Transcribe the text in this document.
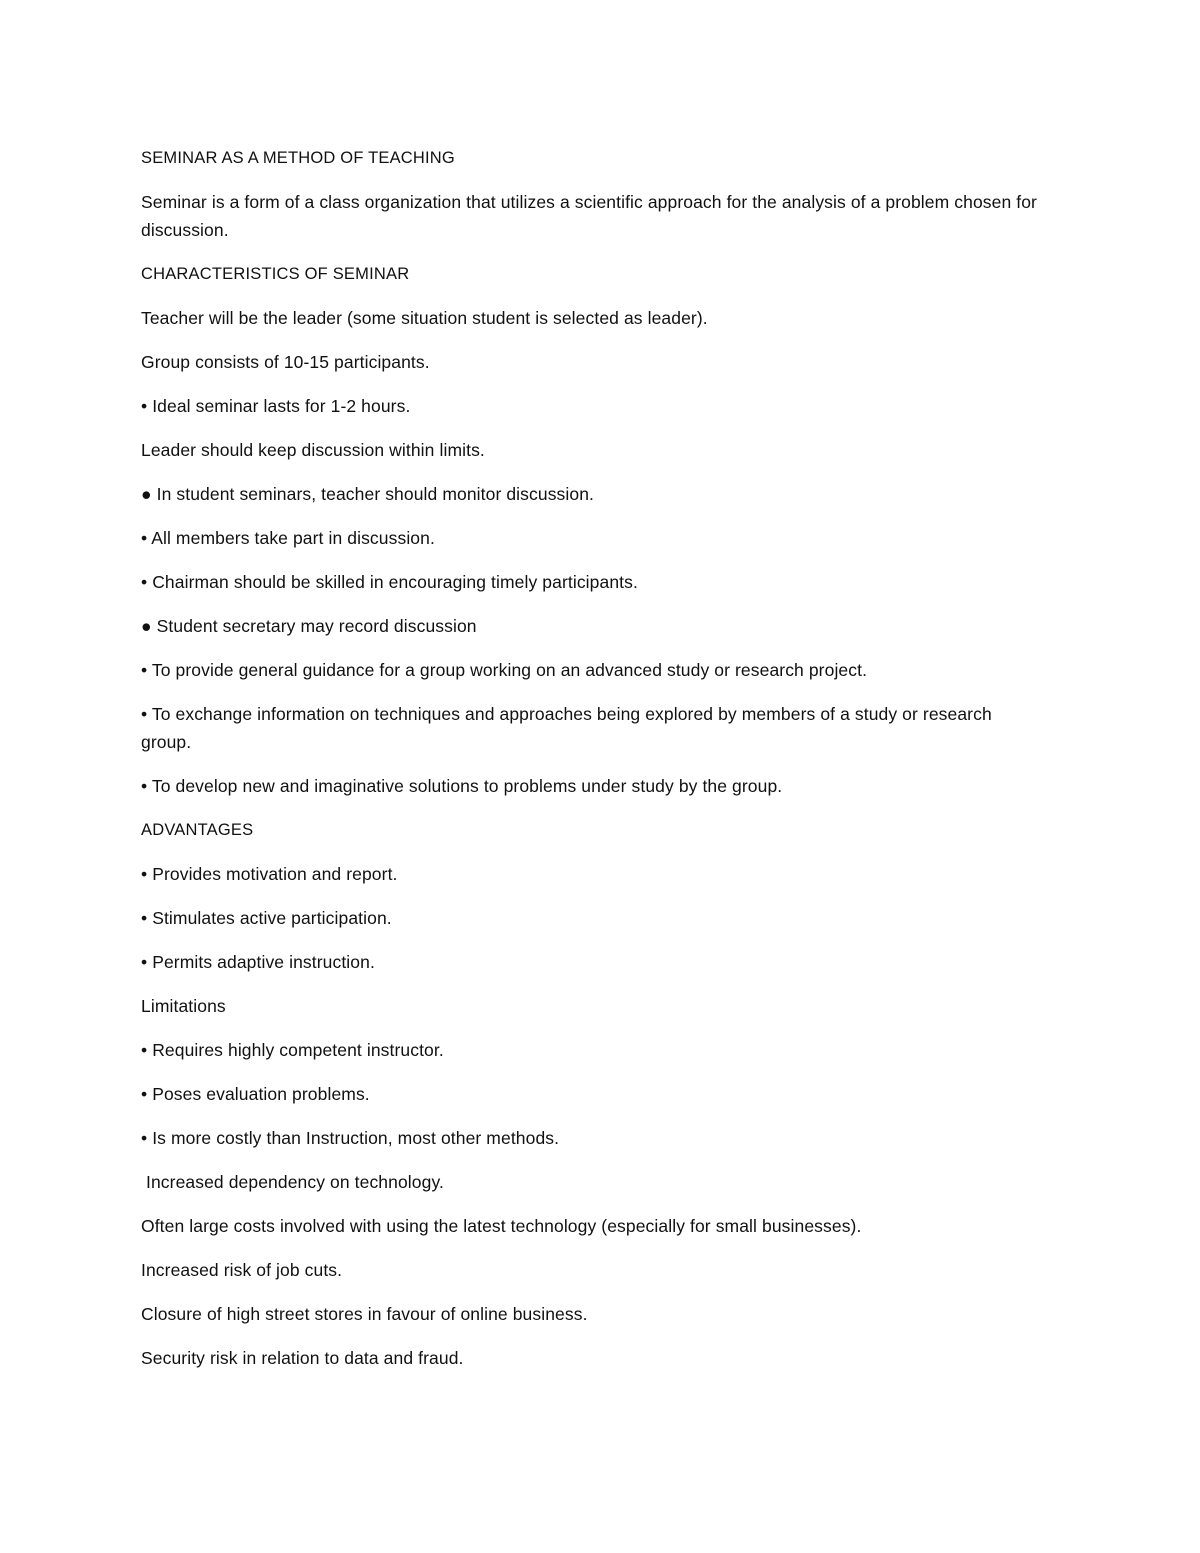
SEMINAR AS A METHOD OF TEACHING

Seminar is a form of a class organization that utilizes a scientific approach for the analysis of a problem chosen for discussion.

CHARACTERISTICS OF SEMINAR

Teacher will be the leader (some situation student is selected as leader).

Group consists of 10-15 participants.

• Ideal seminar lasts for 1-2 hours.

Leader should keep discussion within limits.

● In student seminars, teacher should monitor discussion.

• All members take part in discussion.

• Chairman should be skilled in encouraging timely participants.

● Student secretary may record discussion

• To provide general guidance for a group working on an advanced study or research project.

• To exchange information on techniques and approaches being explored by members of a study or research group.

• To develop new and imaginative solutions to problems under study by the group.

ADVANTAGES

• Provides motivation and report.

• Stimulates active participation.

• Permits adaptive instruction.

Limitations

• Requires highly competent instructor.

• Poses evaluation problems.

• Is more costly than Instruction, most other methods.

Increased dependency on technology.

Often large costs involved with using the latest technology (especially for small businesses).

Increased risk of job cuts.

Closure of high street stores in favour of online business.

Security risk in relation to data and fraud.
